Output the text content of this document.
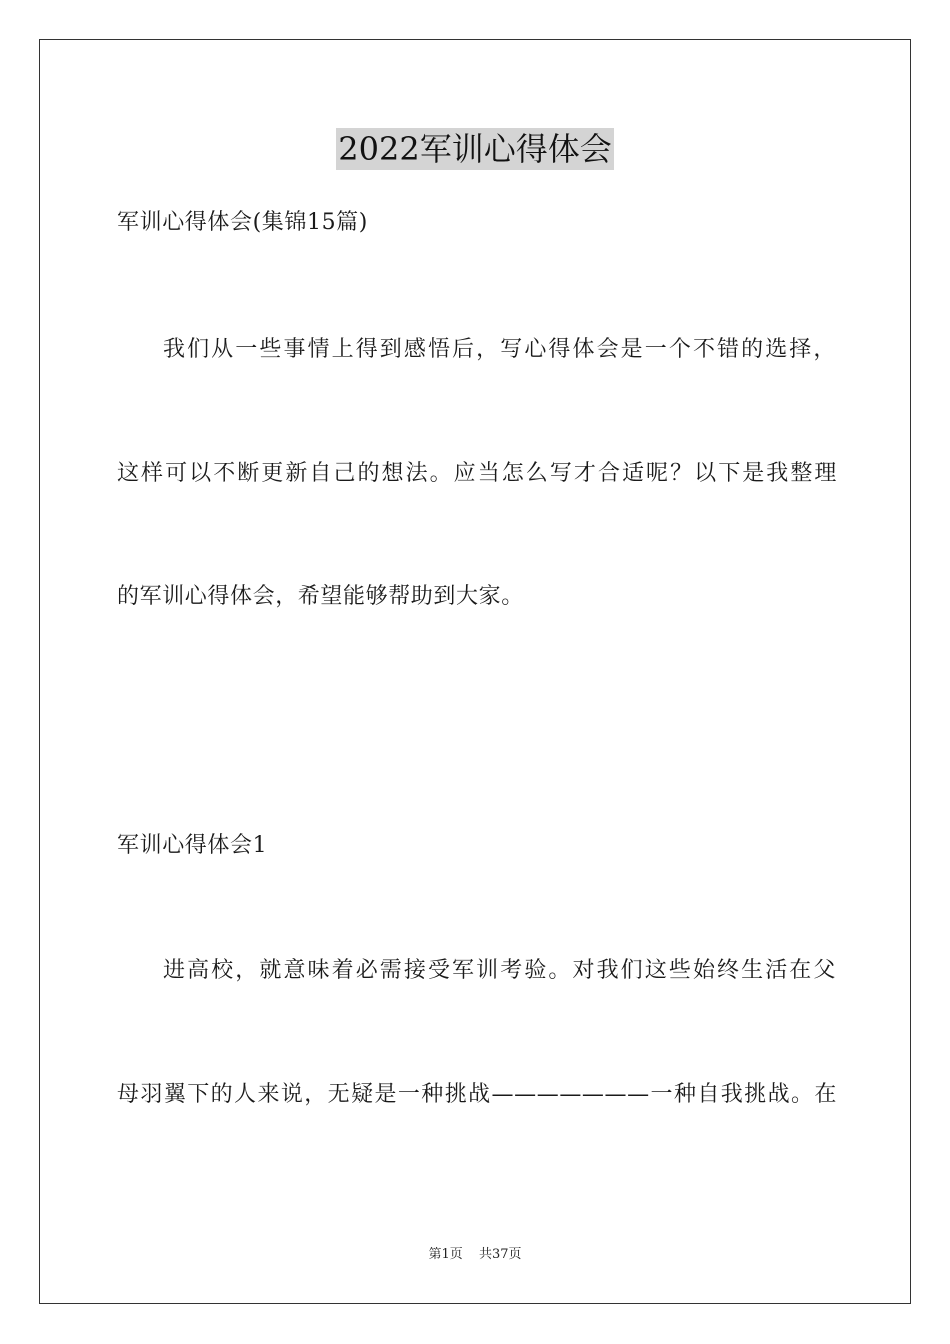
2022军训心得体会
军训心得体会(集锦15篇)
我们从一些事情上得到感悟后，写心得体会是一个不错的选择，
这样可以不断更新自己的想法。应当怎么写才合适呢？以下是我整理
的军训心得体会，希望能够帮助到大家。
军训心得体会1
进高校，就意味着必需接受军训考验。对我们这些始终生活在父
母羽翼下的人来说，无疑是一种挑战———————一种自我挑战。在
第1页 共37页
